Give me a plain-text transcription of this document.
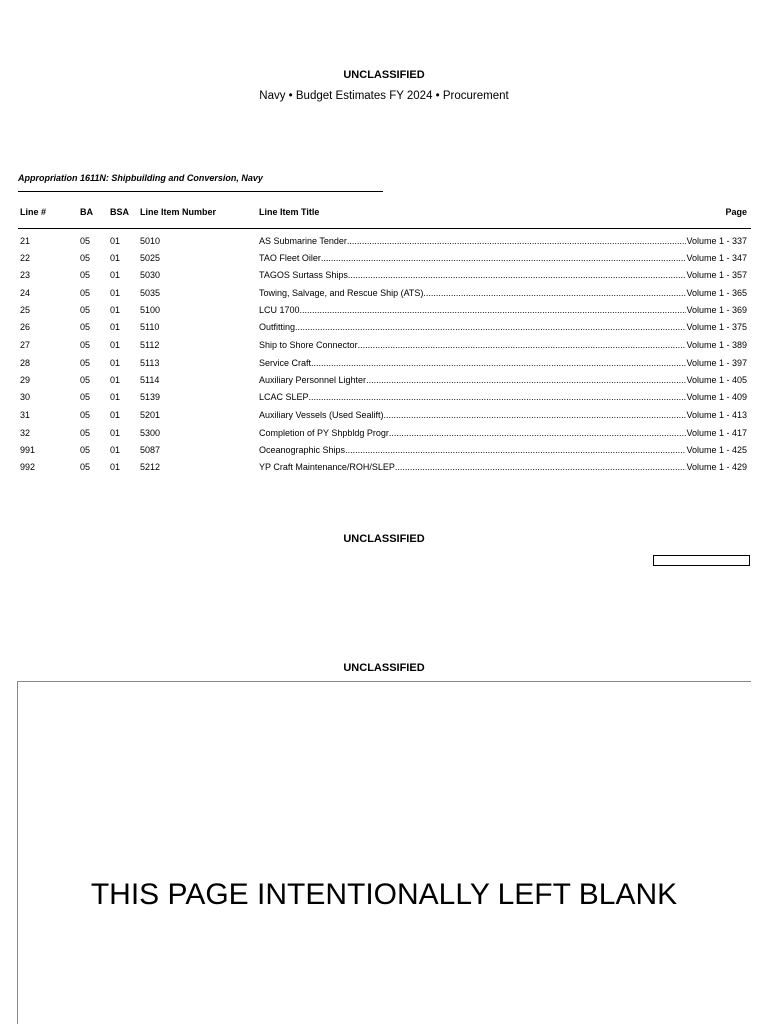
UNCLASSIFIED
Navy • Budget Estimates FY 2024 • Procurement
Appropriation 1611N: Shipbuilding and Conversion, Navy
Line #	BA BSA Line Item Number	Line Item Title	Page
21	05 01 5010	AS Submarine Tender .....	Volume 1 - 337
22	05 01 5025	TAO Fleet Oiler .....	Volume 1 - 347
23	05 01 5030	TAGOS Surtass Ships .....	Volume 1 - 357
24	05 01 5035	Towing, Salvage, and Rescue Ship (ATS) .....	Volume 1 - 365
25	05 01 5100	LCU 1700 .....	Volume 1 - 369
26	05 01 5110	Outfitting .....	Volume 1 - 375
27	05 01 5112	Ship to Shore Connector .....	Volume 1 - 389
28	05 01 5113	Service Craft .....	Volume 1 - 397
29	05 01 5114	Auxiliary Personnel Lighter .....	Volume 1 - 405
30	05 01 5139	LCAC SLEP .....	Volume 1 - 409
31	05 01 5201	Auxiliary Vessels (Used Sealift) .....	Volume 1 - 413
32	05 01 5300	Completion of PY Shpbldg Progr .....	Volume 1 - 417
991	05 01 5087	Oceanographic Ships .....	Volume 1 - 425
992	05 01 5212	YP Craft Maintenance/ROH/SLEP .....	Volume 1 - 429
UNCLASSIFIED
UNCLASSIFIED
THIS PAGE INTENTIONALLY LEFT BLANK
